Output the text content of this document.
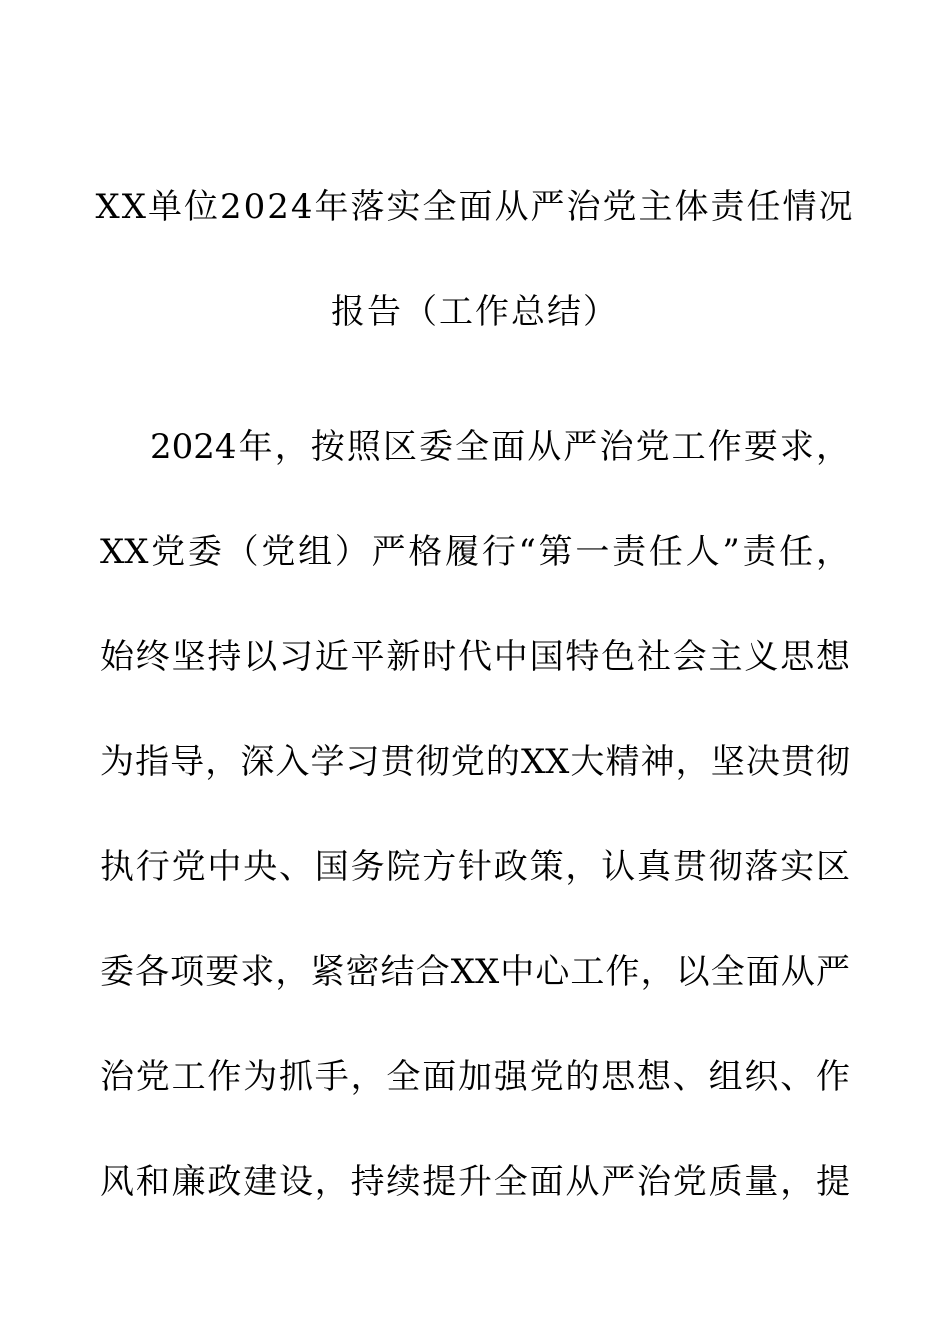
XX单位2024年落实全面从严治党主体责任情况
报告（工作总结）
2024年，按照区委全面从严治党工作要求，
XX党委（党组）严格履行“第一责任人”责任，
始终坚持以习近平新时代中国特色社会主义思想
为指导，深入学习贯彻党的XX大精神，坚决贯彻
执行党中央、国务院方针政策，认真贯彻落实区
委各项要求，紧密结合XX中心工作，以全面从严
治党工作为抓手，全面加强党的思想、组织、作
风和廉政建设，持续提升全面从严治党质量，提
